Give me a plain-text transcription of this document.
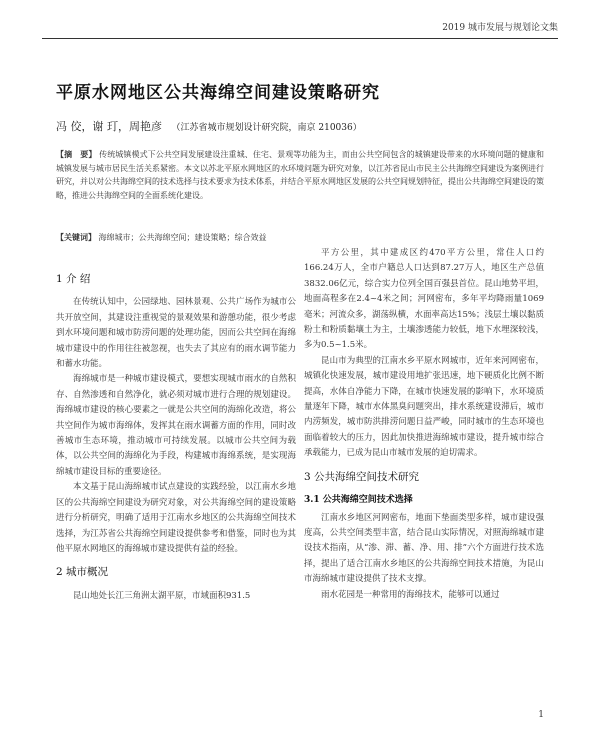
2019 城市发展与规划论文集
平原水网地区公共海绵空间建设策略研究
冯 佼，谢 玎，周艳彦 （江苏省城市规划设计研究院，南京 210036）
【摘　要】 传统城镇模式下公共空间发展建设注重城、住宅、景观等功能为主，而由公共空间包含的城镇建设带来的水环境问题的健康和城镇发展与城市居民生活关系紧密。本文以苏北平原水网地区的水环境问题为研究对象，以江苏省昆山市民主公共海绵空间建设为案例进行研究，并以对公共海绵空间的技术选择与技术要求为技术体系，并结合平原水网地区发展的公共空间规划特征，提出公共海绵空间建设的策略，推进公共海绵空间的全面系统化建设。
【关键词】 海绵城市；公共海绵空间；建设策略；综合效益
1 介 绍

在传统认知中，公园绿地、园林景观、公共广场作为城市公共开放空间，其建设注重视觉的景观效果和游憩功能，很少考虑到水环境问题和城市防涝问题的处理功能，因而公共空间在海绵城市建设中的作用往往被忽视，也失去了其应有的雨水调节能力和蓄水功能。

海绵城市是一种城市建设模式，要想实现城市雨水的自然积存、自然渗透和自然净化，就必须对城市进行合理的规划建设。海绵城市建设的核心要素之一就是公共空间的海绵化改造，将公共空间作为城市海绵体，发挥其在雨水调蓄方面的作用，同时改善城市生态环境，推动城市可持续发展。以城市公共空间为载体，以公共空间的海绵化为手段，构建城市海绵系统，是实现海绵城市建设目标的重要途径。

本文基于昆山海绵城市试点建设的实践经验，以江南水乡地区的公共海绵空间建设为研究对象，对公共海绵空间的建设策略进行分析研究，明确了适用于江南水乡地区的公共海绵空间技术选择，为江苏省公共海绵空间建设提供参考和借鉴，同时也为其他平原水网地区的海绵城市建设提供有益的经验。

2 城市概况

昆山地处长江三角洲太湖平原，市域面积931.5

平方公里，其中建成区约470平方公里，常住人口约166.24万人，全市户籍总人口达到87.27万人，地区生产总值3832.06亿元，综合实力位列全国百强县首位。昆山地势平坦，地面高程多在2.4~4米之间；河网密布，多年平均降雨量1069毫米；河流众多，湖荡纵横，水面率高达15%；浅层土壤以黏质粉土和粉质黏壤土为主，土壤渗透能力较低，地下水埋深较浅，多为0.5~1.5米。

昆山市为典型的江南水乡平原水网城市，近年来河网密布，城镇化快速发展，城市建设用地扩张迅速，地下硬质化比例不断提高，水体自净能力下降，在城市快速发展的影响下，水环境质量逐年下降，城市水体黑臭问题突出，排水系统建设滞后，城市内涝频发，城市防洪排涝问题日益严峻，同时城市的生态环境也面临着较大的压力，因此加快推进海绵城市建设，提升城市综合承载能力，已成为昆山市城市发展的迫切需求。

3 公共海绵空间技术研究
3.1 公共海绵空间技术选择

江南水乡地区河网密布，地面下垫面类型多样，城市建设强度高，公共空间类型丰富，结合昆山实际情况，对照海绵城市建设技术指南，从“渗、滞、蓄、净、用、排”六个方面进行技术选择，提出了适合江南水乡地区的公共海绵空间技术措施，为昆山市海绵城市建设提供了技术支撑。

雨水花园是一种常用的海绵技术，能够可以通过

1
